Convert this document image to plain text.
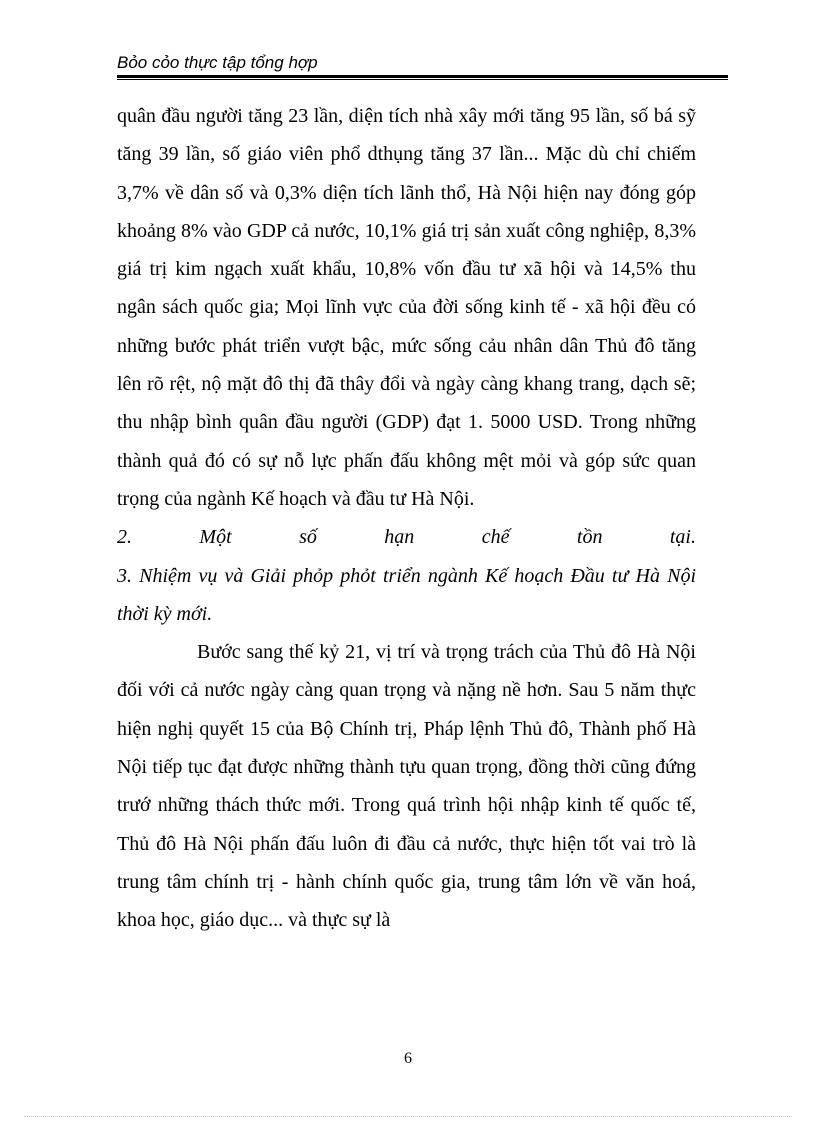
Bỏo cỏo thực tập tổng hợp

quân đầu người tăng 23 lần, diện tích nhà xây mới tăng 95 lần, số bá sỹ tăng 39 lần, số giáo viên phổ dthụng tăng 37 lần... Mặc dù chỉ chiếm 3,7% về dân số và 0,3% diện tích lãnh thổ, Hà Nội hiện nay đóng góp khoảng 8% vào GDP cả nước, 10,1% giá trị sản xuất công nghiệp, 8,3% giá trị kim ngạch xuất khẩu, 10,8% vốn đầu tư xã hội và 14,5% thu ngân sách quốc gia; Mọi lĩnh vực của đời sống kinh tế - xã hội đều có những bước phát triển vượt bậc, mức sống cảu nhân dân Thủ đô tăng lên rõ rệt, nộ mặt đô thị đã thây đổi và ngày càng khang trang, dạch sẽ; thu nhập bình quân đầu người (GDP) đạt 1. 5000 USD. Trong những thành quả đó có sự nỗ lực phấn đấu không mệt mỏi và góp sức quan trọng của ngành Kế hoạch và đầu tư Hà Nội.

2.	Một	số	hạn	chế	tồn	tại.

3. Nhiệm vụ và Giải phỏp phỏt triển ngành Kế hoạch Đầu tư Hà Nội thời kỳ mới.

Bước sang thế kỷ 21, vị trí và trọng trách của Thủ đô Hà Nội đối với cả nước ngày càng quan trọng và nặng nề hơn. Sau 5 năm thực hiện nghị quyết 15 của Bộ Chính trị, Pháp lệnh Thủ đô, Thành phố Hà Nội tiếp tục đạt được những thành tựu quan trọng, đồng thời cũng đứng trướ những thách thức mới. Trong quá trình hội nhập kinh tế quốc tế, Thủ đô Hà Nội phấn đấu luôn đi đầu cả nước, thực hiện tốt vai trò là trung tâm chính trị - hành chính quốc gia, trung tâm lớn về văn hoá, khoa học, giáo dục... và thực sự là

6
